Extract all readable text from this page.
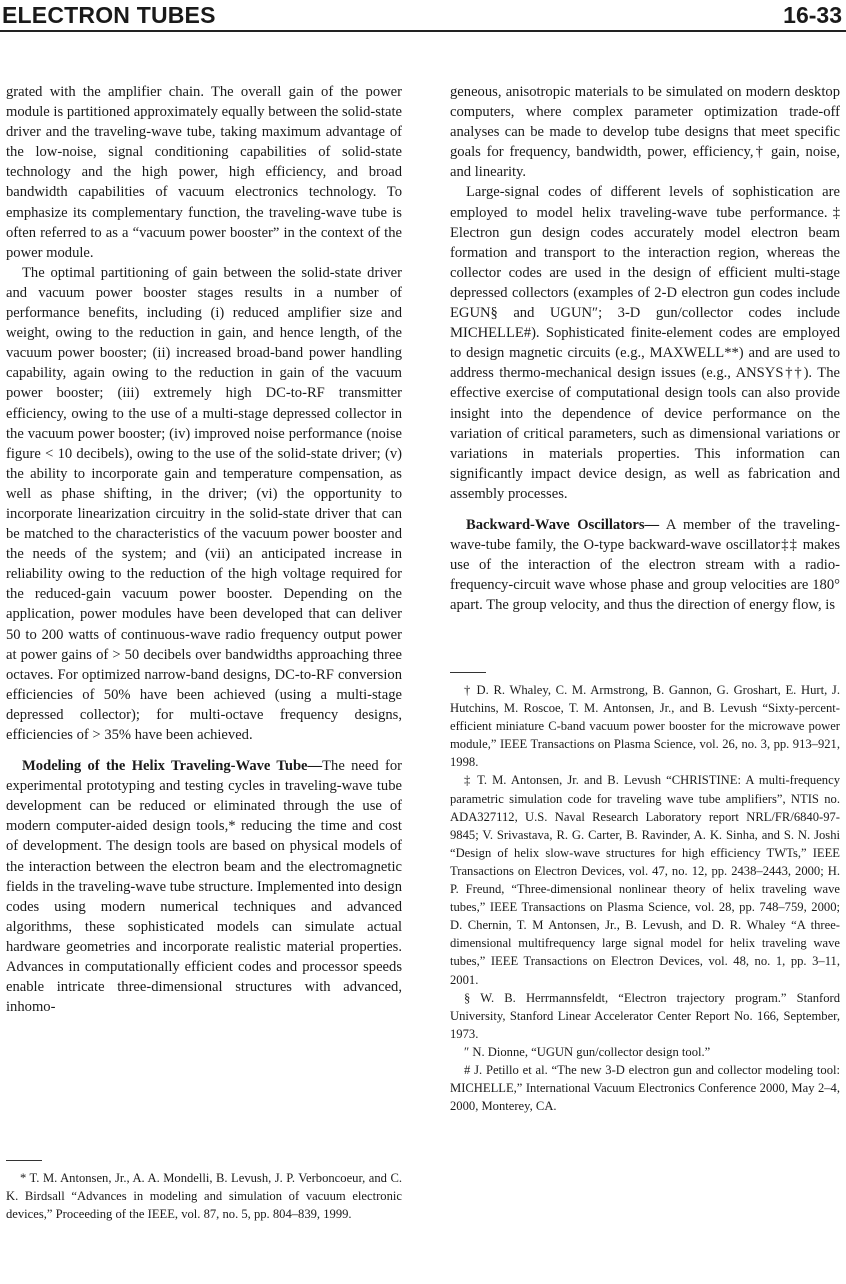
ELECTRON TUBES	16-33

grated with the amplifier chain. The overall gain of the power module is partitioned approximately equally between the solid-state driver and the traveling-wave tube, taking maximum advantage of the low-noise, signal conditioning capabilities of solid-state technology and the high power, high efficiency, and broad bandwidth capabilities of vacuum electronics technology. To emphasize its complementary function, the traveling-wave tube is often referred to as a “vacuum power booster” in the context of the power module.

The optimal partitioning of gain between the solid-state driver and vacuum power booster stages results in a number of performance benefits, including (i) reduced amplifier size and weight, owing to the reduction in gain, and hence length, of the vacuum power booster; (ii) increased broad-band power handling capability, again owing to the reduction in gain of the vacuum power booster; (iii) extremely high DC-to-RF transmitter efficiency, owing to the use of a multi-stage depressed collector in the vacuum power booster; (iv) improved noise performance (noise figure < 10 decibels), owing to the use of the solid-state driver; (v) the ability to incorporate gain and temperature compensation, as well as phase shifting, in the driver; (vi) the opportunity to incorporate linearization circuitry in the solid-state driver that can be matched to the characteristics of the vacuum power booster and the needs of the system; and (vii) an anticipated increase in reliability owing to the reduction of the high voltage required for the reduced-gain vacuum power booster. Depending on the application, power modules have been developed that can deliver 50 to 200 watts of continuous-wave radio frequency output power at power gains of > 50 decibels over bandwidths approaching three octaves. For optimized narrow-band designs, DC-to-RF conversion efficiencies of 50% have been achieved (using a multi-stage depressed collector); for multi-octave frequency designs, efficiencies of > 35% have been achieved.

Modeling of the Helix Traveling-Wave Tube—The need for experimental prototyping and testing cycles in traveling-wave tube development can be reduced or eliminated through the use of modern computer-aided design tools,* reducing the time and cost of development. The design tools are based on physical models of the interaction between the electron beam and the electromagnetic fields in the traveling-wave tube structure. Implemented into design codes using modern numerical techniques and advanced algorithms, these sophisticated models can simulate actual hardware geometries and incorporate realistic material properties. Advances in computationally efficient codes and processor speeds enable intricate three-dimensional structures with advanced, inhomo-

* T. M. Antonsen, Jr., A. A. Mondelli, B. Levush, J. P. Verboncoeur, and C. K. Birdsall “Advances in modeling and simulation of vacuum electronic devices,” Proceeding of the IEEE, vol. 87, no. 5, pp. 804–839, 1999.

geneous, anisotropic materials to be simulated on modern desktop computers, where complex parameter optimization trade-off analyses can be made to develop tube designs that meet specific goals for frequency, bandwidth, power, efficiency,† gain, noise, and linearity.

Large-signal codes of different levels of sophistication are employed to model helix traveling-wave tube performance.‡ Electron gun design codes accurately model electron beam formation and transport to the interaction region, whereas the collector codes are used in the design of efficient multi-stage depressed collectors (examples of 2-D electron gun codes include EGUN§ and UGUN″; 3-D gun/collector codes include MICHELLE#). Sophisticated finite-element codes are employed to design magnetic circuits (e.g., MAXWELL**) and are used to address thermo-mechanical design issues (e.g., ANSYS††). The effective exercise of computational design tools can also provide insight into the dependence of device performance on the variation of critical parameters, such as dimensional variations or variations in materials properties. This information can significantly impact device design, as well as fabrication and assembly processes.

Backward-Wave Oscillators— A member of the traveling-wave-tube family, the O-type backward-wave oscillator‡‡ makes use of the interaction of the electron stream with a radio-frequency-circuit wave whose phase and group velocities are 180° apart. The group velocity, and thus the direction of energy flow, is

† D. R. Whaley, C. M. Armstrong, B. Gannon, G. Groshart, E. Hurt, J. Hutchins, M. Roscoe, T. M. Antonsen, Jr., and B. Levush “Sixty-percent-efficient miniature C-band vacuum power booster for the microwave power module,” IEEE Transactions on Plasma Science, vol. 26, no. 3, pp. 913–921, 1998.

‡ T. M. Antonsen, Jr. and B. Levush “CHRISTINE: A multi-frequency parametric simulation code for traveling wave tube amplifiers”, NTIS no. ADA327112, U.S. Naval Research Laboratory report NRL/FR/6840-97-9845; V. Srivastava, R. G. Carter, B. Ravinder, A. K. Sinha, and S. N. Joshi “Design of helix slow-wave structures for high efficiency TWTs,” IEEE Transactions on Electron Devices, vol. 47, no. 12, pp. 2438–2443, 2000; H. P. Freund, “Three-dimensional nonlinear theory of helix traveling wave tubes,” IEEE Transactions on Plasma Science, vol. 28, pp. 748–759, 2000; D. Chernin, T. M Antonsen, Jr., B. Levush, and D. R. Whaley “A three-dimensional multifrequency large signal model for helix traveling wave tubes,” IEEE Transactions on Electron Devices, vol. 48, no. 1, pp. 3–11, 2001.

§ W. B. Herrmannsfeldt, “Electron trajectory program.” Stanford University, Stanford Linear Accelerator Center Report No. 166, September, 1973.

″ N. Dionne, “UGUN gun/collector design tool.”

# J. Petillo et al. “The new 3-D electron gun and collector modeling tool: MICHELLE,” International Vacuum Electronics Conference 2000, May 2–4, 2000, Monterey, CA.
